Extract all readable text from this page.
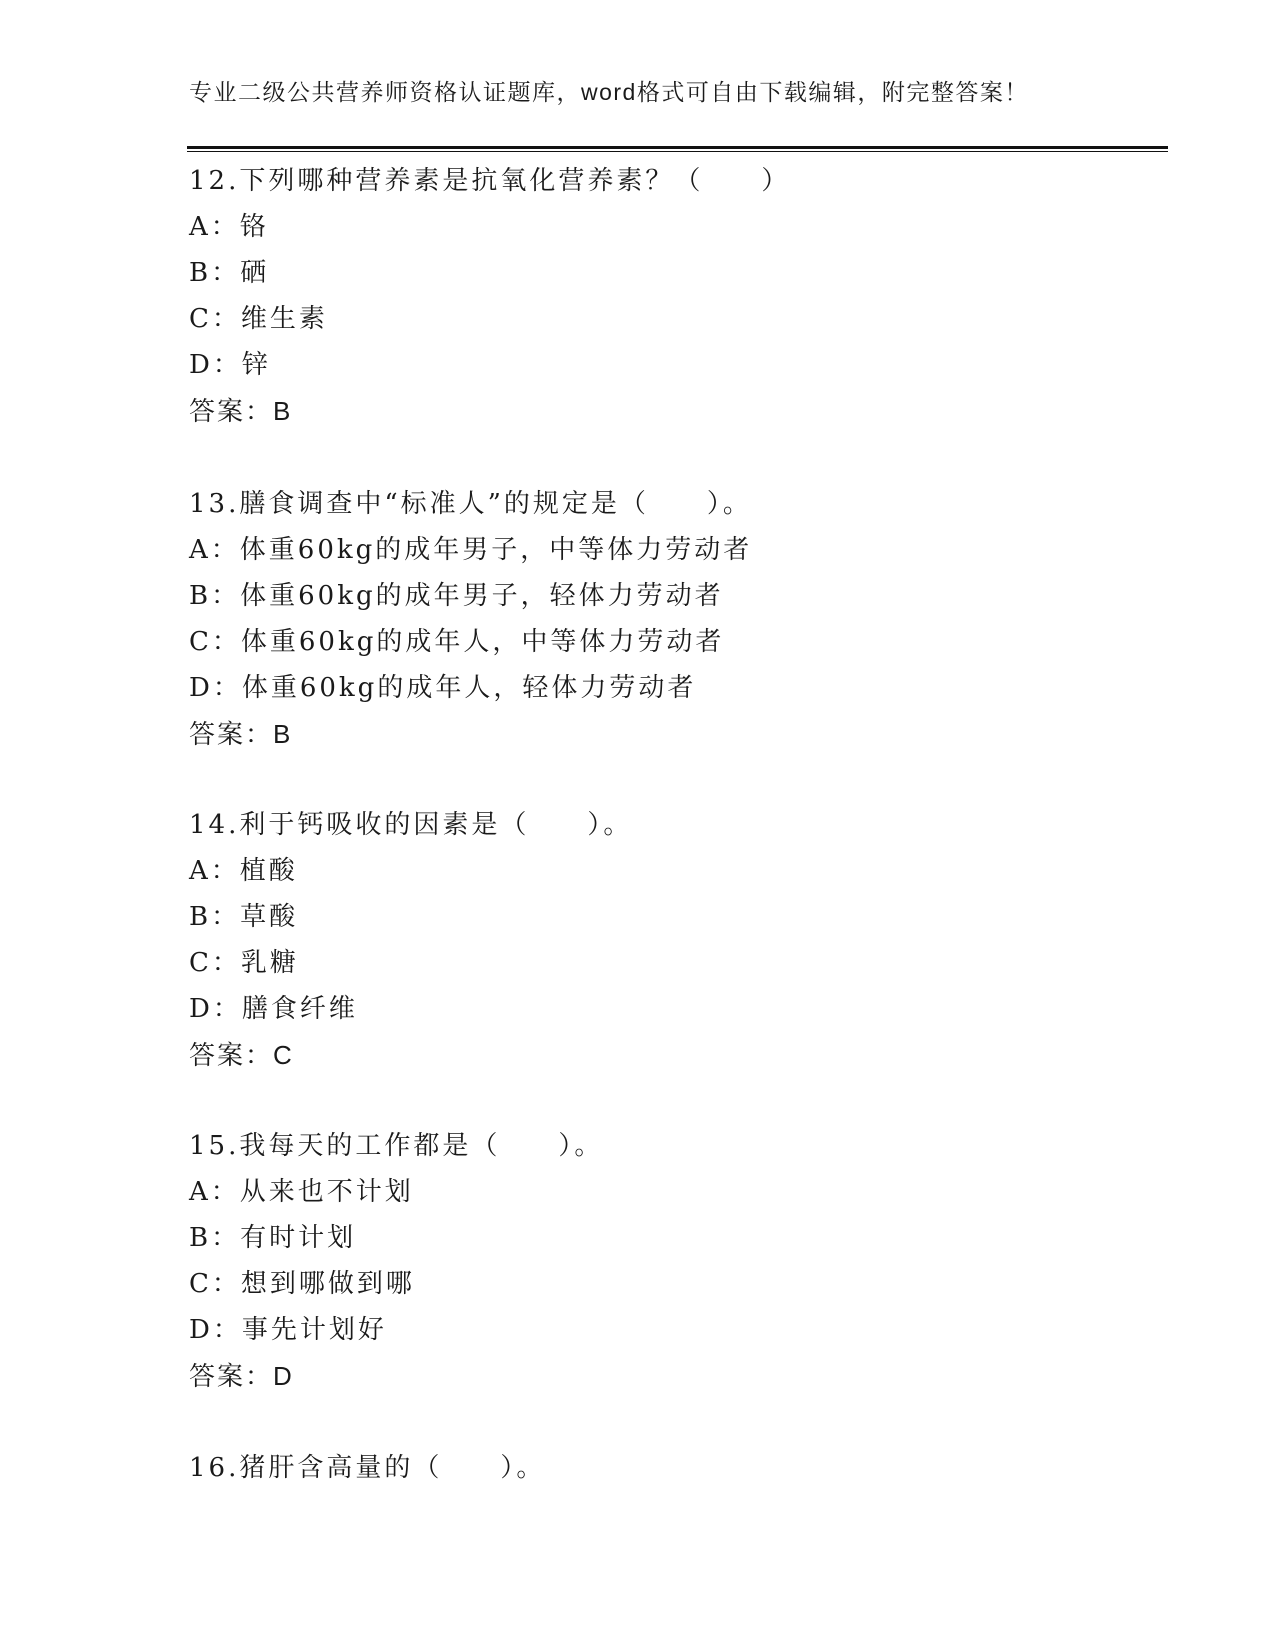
专业二级公共营养师资格认证题库，word格式可自由下载编辑，附完整答案！
12.下列哪种营养素是抗氧化营养素？（　　）
A：铬
B：硒
C：维生素
D：锌
答案：B
13.膳食调查中“标准人”的规定是（　　）。
A：体重60kg的成年男子，中等体力劳动者
B：体重60kg的成年男子，轻体力劳动者
C：体重60kg的成年人，中等体力劳动者
D：体重60kg的成年人，轻体力劳动者
答案：B
14.利于钙吸收的因素是（　　）。
A：植酸
B：草酸
C：乳糖
D：膳食纤维
答案：C
15.我每天的工作都是（　　）。
A：从来也不计划
B：有时计划
C：想到哪做到哪
D：事先计划好
答案：D
16.猪肝含高量的（　　）。
